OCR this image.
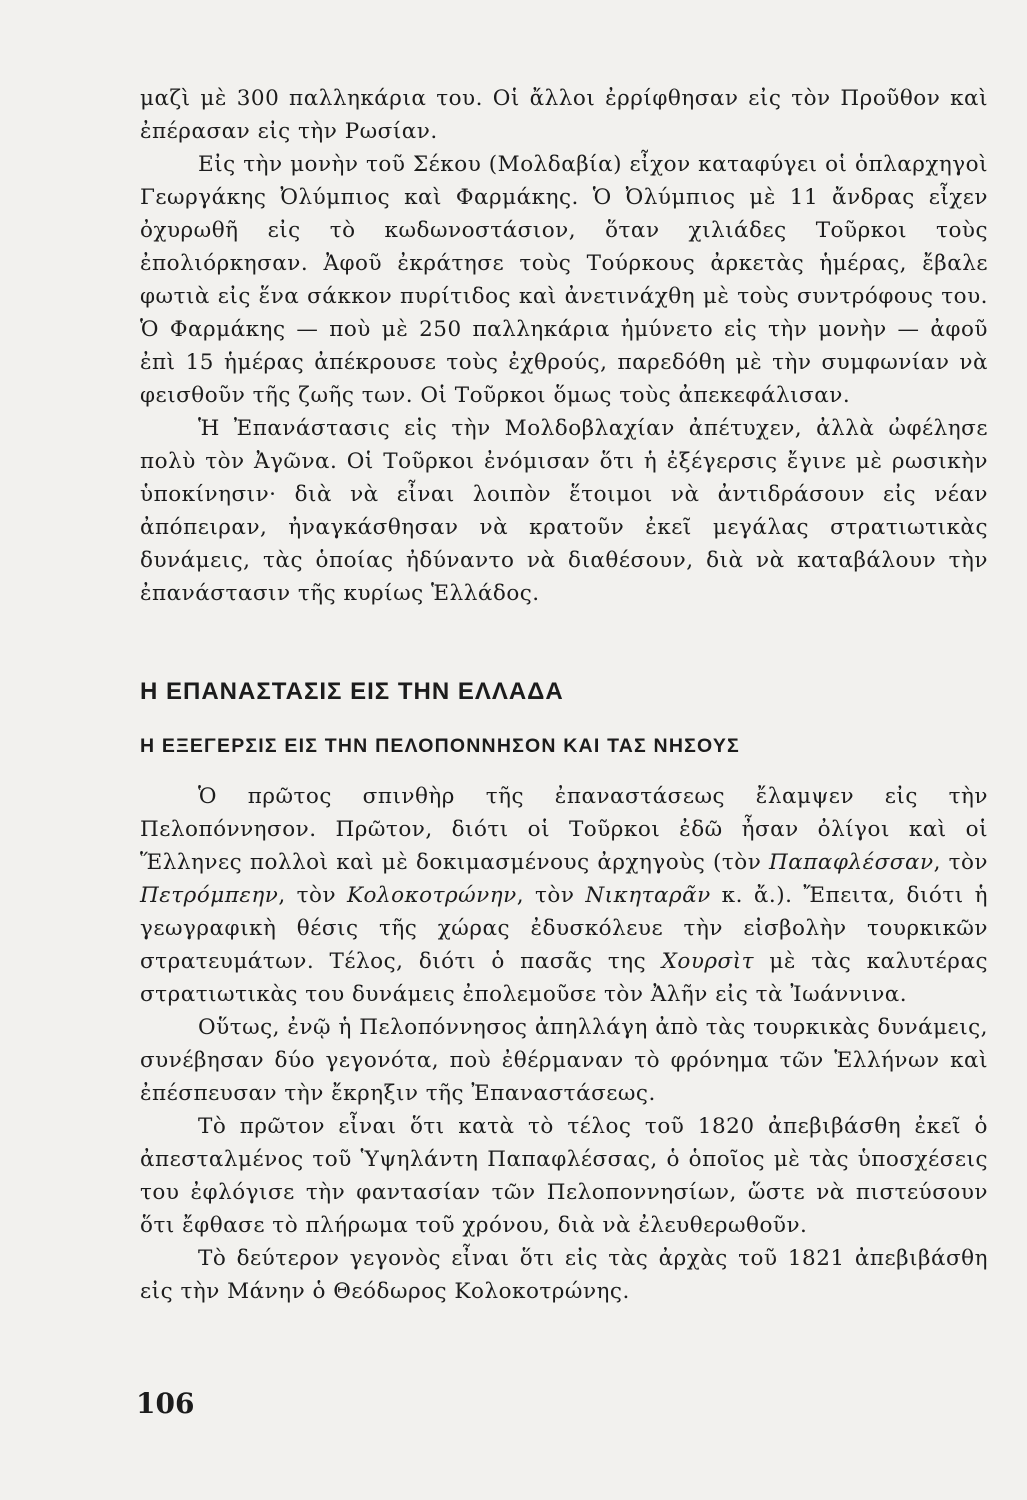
μαζὶ μὲ 300 παλληκάρια του. Οἱ ἄλλοι ἐρρίφθησαν εἰς τὸν Προῦθον καὶ ἐπέρασαν εἰς τὴν Ρωσίαν.

Εἰς τὴν μονὴν τοῦ Σέκου (Μολδαβία) εἶχον καταφύγει οἱ ὁπλαρχηγοὶ Γεωργάκης Ὀλύμπιος καὶ Φαρμάκης. Ὁ Ὀλύμπιος μὲ 11 ἄνδρας εἶχεν ὀχυρωθῆ εἰς τὸ κωδωνοστάσιον, ὅταν χιλιάδες Τοῦρκοι τοὺς ἐπολιόρκησαν. Ἀφοῦ ἐκράτησε τοὺς Τούρκους ἀρκετὰς ἡμέρας, ἔβαλε φωτιὰ εἰς ἕνα σάκκον πυρίτιδος καὶ ἀνετινάχθη μὲ τοὺς συντρόφους του. Ὁ Φαρμάκης — ποὺ μὲ 250 παλληκάρια ἠμύνετο εἰς τὴν μονὴν — ἀφοῦ ἐπὶ 15 ἡμέρας ἀπέκρουσε τοὺς ἐχθρούς, παρεδόθη μὲ τὴν συμφωνίαν νὰ φεισθοῦν τῆς ζωῆς των. Οἱ Τοῦρκοι ὅμως τοὺς ἀπεκεφάλισαν.

Ἡ Ἐπανάστασις εἰς τὴν Μολδοβλαχίαν ἀπέτυχεν, ἀλλὰ ὠφέλησε πολὺ τὸν Ἀγῶνα. Οἱ Τοῦρκοι ἐνόμισαν ὅτι ἡ ἐξέγερσις ἔγινε μὲ ρωσικὴν ὑποκίνησιν· διὰ νὰ εἶναι λοιπὸν ἕτοιμοι νὰ ἀντιδράσουν εἰς νέαν ἀπόπειραν, ἠναγκάσθησαν νὰ κρατοῦν ἐκεῖ μεγάλας στρατιωτικὰς δυνάμεις, τὰς ὁποίας ἠδύναντο νὰ διαθέσουν, διὰ νὰ καταβάλουν τὴν ἐπανάστασιν τῆς κυρίως Ἑλλάδος.

Η ΕΠΑΝΑΣΤΑΣΙΣ ΕΙΣ ΤΗΝ ΕΛΛΑΔΑ
Η ΕΞΕΓΕΡΣΙΣ ΕΙΣ ΤΗΝ ΠΕΛΟΠΟΝΝΗΣΟΝ ΚΑΙ ΤΑΣ ΝΗΣΟΥΣ

Ὁ πρῶτος σπινθὴρ τῆς ἐπαναστάσεως ἔλαμψεν εἰς τὴν Πελοπόννησον. Πρῶτον, διότι οἱ Τοῦρκοι ἐδῶ ἦσαν ὀλίγοι καὶ οἱ Ἕλληνες πολλοὶ καὶ μὲ δοκιμασμένους ἀρχηγοὺς (τὸν Παπαφλέσσαν, τὸν Πετρόμπεην, τὸν Κολοκοτρώνην, τὸν Νικηταρᾶν κ. ἄ.). Ἔπειτα, διότι ἡ γεωγραφικὴ θέσις τῆς χώρας ἐδυσκόλευε τὴν εἰσβολὴν τουρκικῶν στρατευμάτων. Τέλος, διότι ὁ πασᾶς της Χουρσὶτ μὲ τὰς καλυτέρας στρατιωτικὰς του δυνάμεις ἐπολεμοῦσε τὸν Ἀλῆν εἰς τὰ Ἰωάννινα.

Οὕτως, ἐνῷ ἡ Πελοπόννησος ἀπηλλάγη ἀπὸ τὰς τουρκικὰς δυνάμεις, συνέβησαν δύο γεγονότα, ποὺ ἐθέρμαναν τὸ φρόνημα τῶν Ἑλλήνων καὶ ἐπέσπευσαν τὴν ἔκρηξιν τῆς Ἐπαναστάσεως.

Τὸ πρῶτον εἶναι ὅτι κατὰ τὸ τέλος τοῦ 1820 ἀπεβιβάσθη ἐκεῖ ὁ ἀπεσταλμένος τοῦ Ὑψηλάντη Παπαφλέσσας, ὁ ὁποῖος μὲ τὰς ὑποσχέσεις του ἐφλόγισε τὴν φαντασίαν τῶν Πελοποννησίων, ὥστε νὰ πιστεύσουν ὅτι ἔφθασε τὸ πλήρωμα τοῦ χρόνου, διὰ νὰ ἐλευθερωθοῦν.

Τὸ δεύτερον γεγονὸς εἶναι ὅτι εἰς τὰς ἀρχὰς τοῦ 1821 ἀπεβιβάσθη εἰς τὴν Μάνην ὁ Θεόδωρος Κολοκοτρώνης.

106
